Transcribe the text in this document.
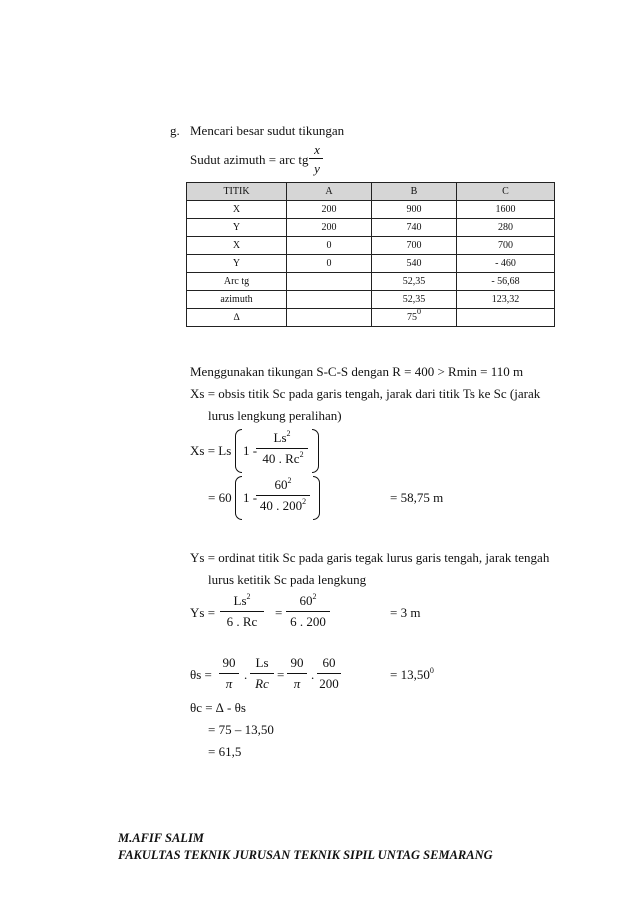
g. Mencari besar sudut tikungan
Sudut azimuth = arc tg
x
y
TITIK	A	B	C
X	200	900	1600
Y	200	740	280
X	0	700	700
Y	0	540	- 460
Arc tg		52,35	- 56,68
azimuth		52,35	123,32
∆		$75^0$	
Menggunakan tikungan S-C-S dengan R = 400 > Rmin = 110 m
Xs = obsis titik Sc pada garis tengah, jarak dari titik Ts ke Sc (jarak
lurus lengkung peralihan)
Xs = Ls 1 -
Ls$^2$
40 . $Rc^2$
= 60 1 -
$60^2$
40 . $200^2$	= 58,75 m
Ys = ordinat titik Sc pada garis tegak lurus garis tengah, jarak tengah
lurus ketitik Sc pada lengkung
Ys =
$Ls^2$
6 . Rc
=
$60^2$
6 . 200
= 3 m
θs =
90
π
.
Ls
Rc
=
90
π
.
60
200
= $13,50^0$
θc = ∆ - θs
= 75 – 13,50
= 61,5
M.AFIF SALIM
FAKULTAS TEKNIK JURUSAN TEKNIK SIPIL UNTAG SEMARANG
